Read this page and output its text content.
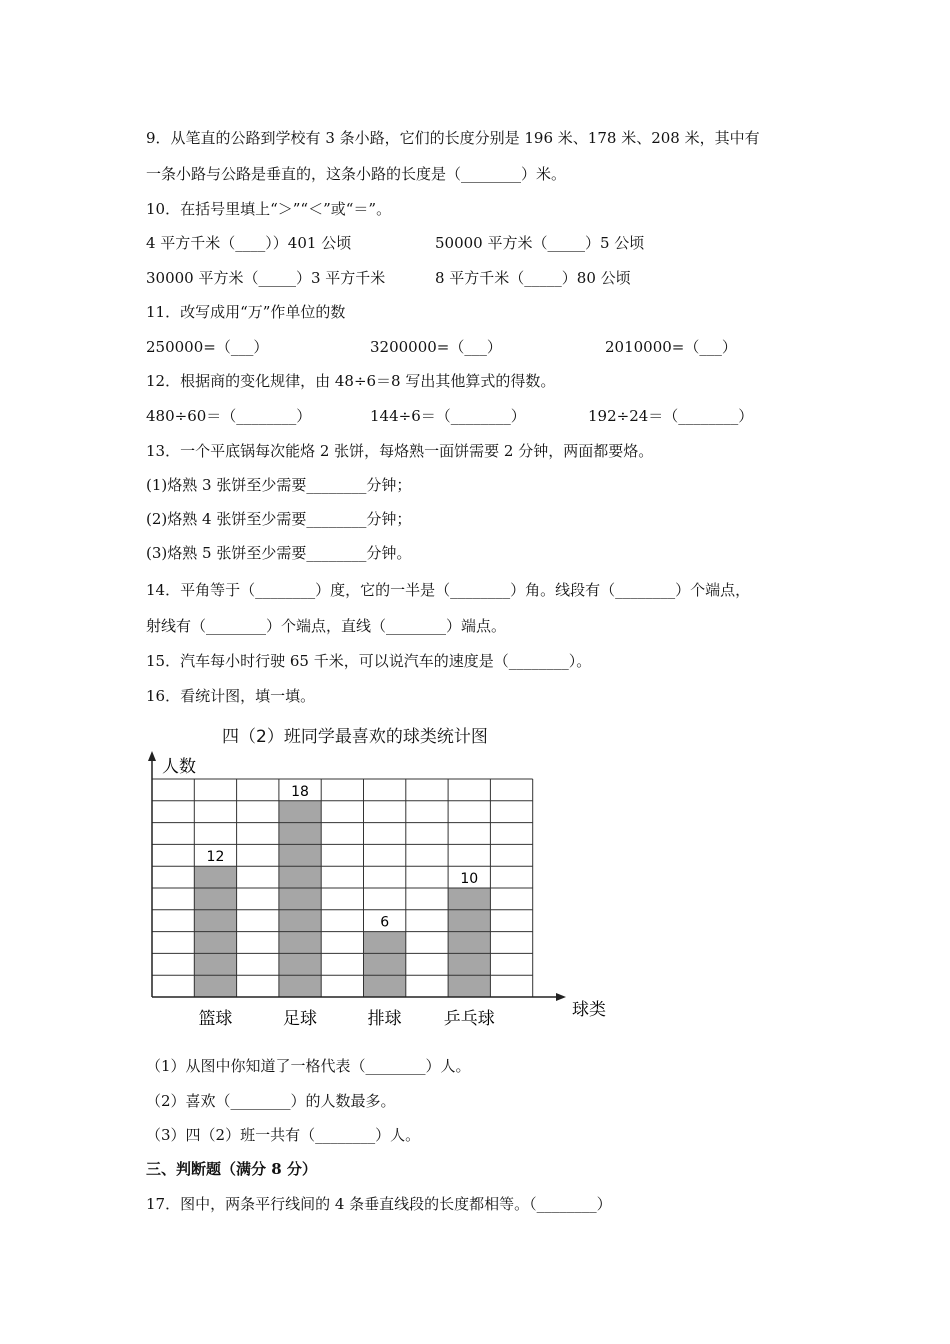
9．从笔直的公路到学校有 3 条小路，它们的长度分别是 196 米、178 米、208 米，其中有
一条小路与公路是垂直的，这条小路的长度是（________）米。
10．在括号里填上“＞”“＜”或“＝”。
4 平方千米（____））401 公顷	50000 平方米（_____）5 公顷
30000 平方米（_____）3 平方千米	8 平方千米（_____）80 公顷
11．改写成用“万”作单位的数
250000=（___）	3200000=（___）	2010000=（___）
12．根据商的变化规律，由 48÷6＝8 写出其他算式的得数。
480÷60＝（________）	144÷6＝（________）	192÷24＝（________）
13．一个平底锅每次能烙 2 张饼，每烙熟一面饼需要 2 分钟，两面都要烙。
(1)烙熟 3 张饼至少需要________分钟；
(2)烙熟 4 张饼至少需要________分钟；
(3)烙熟 5 张饼至少需要________分钟。
14．平角等于（________）度，它的一半是（________）角。线段有（________）个端点，
射线有（________）个端点，直线（________）端点。
15．汽车每小时行驶 65 千米，可以说汽车的速度是（________）。
16．看统计图，填一填。
四（2）班同学最喜欢的球类统计图
人数
球类
12
篮球
18
足球
6
排球
10
乒乓球
（1）从图中你知道了一格代表（________）人。
（2）喜欢（________）的人数最多。
（3）四（2）班一共有（________）人。
三、判断题（满分 8 分）
17．图中，两条平行线间的 4 条垂直线段的长度都相等。（________）
